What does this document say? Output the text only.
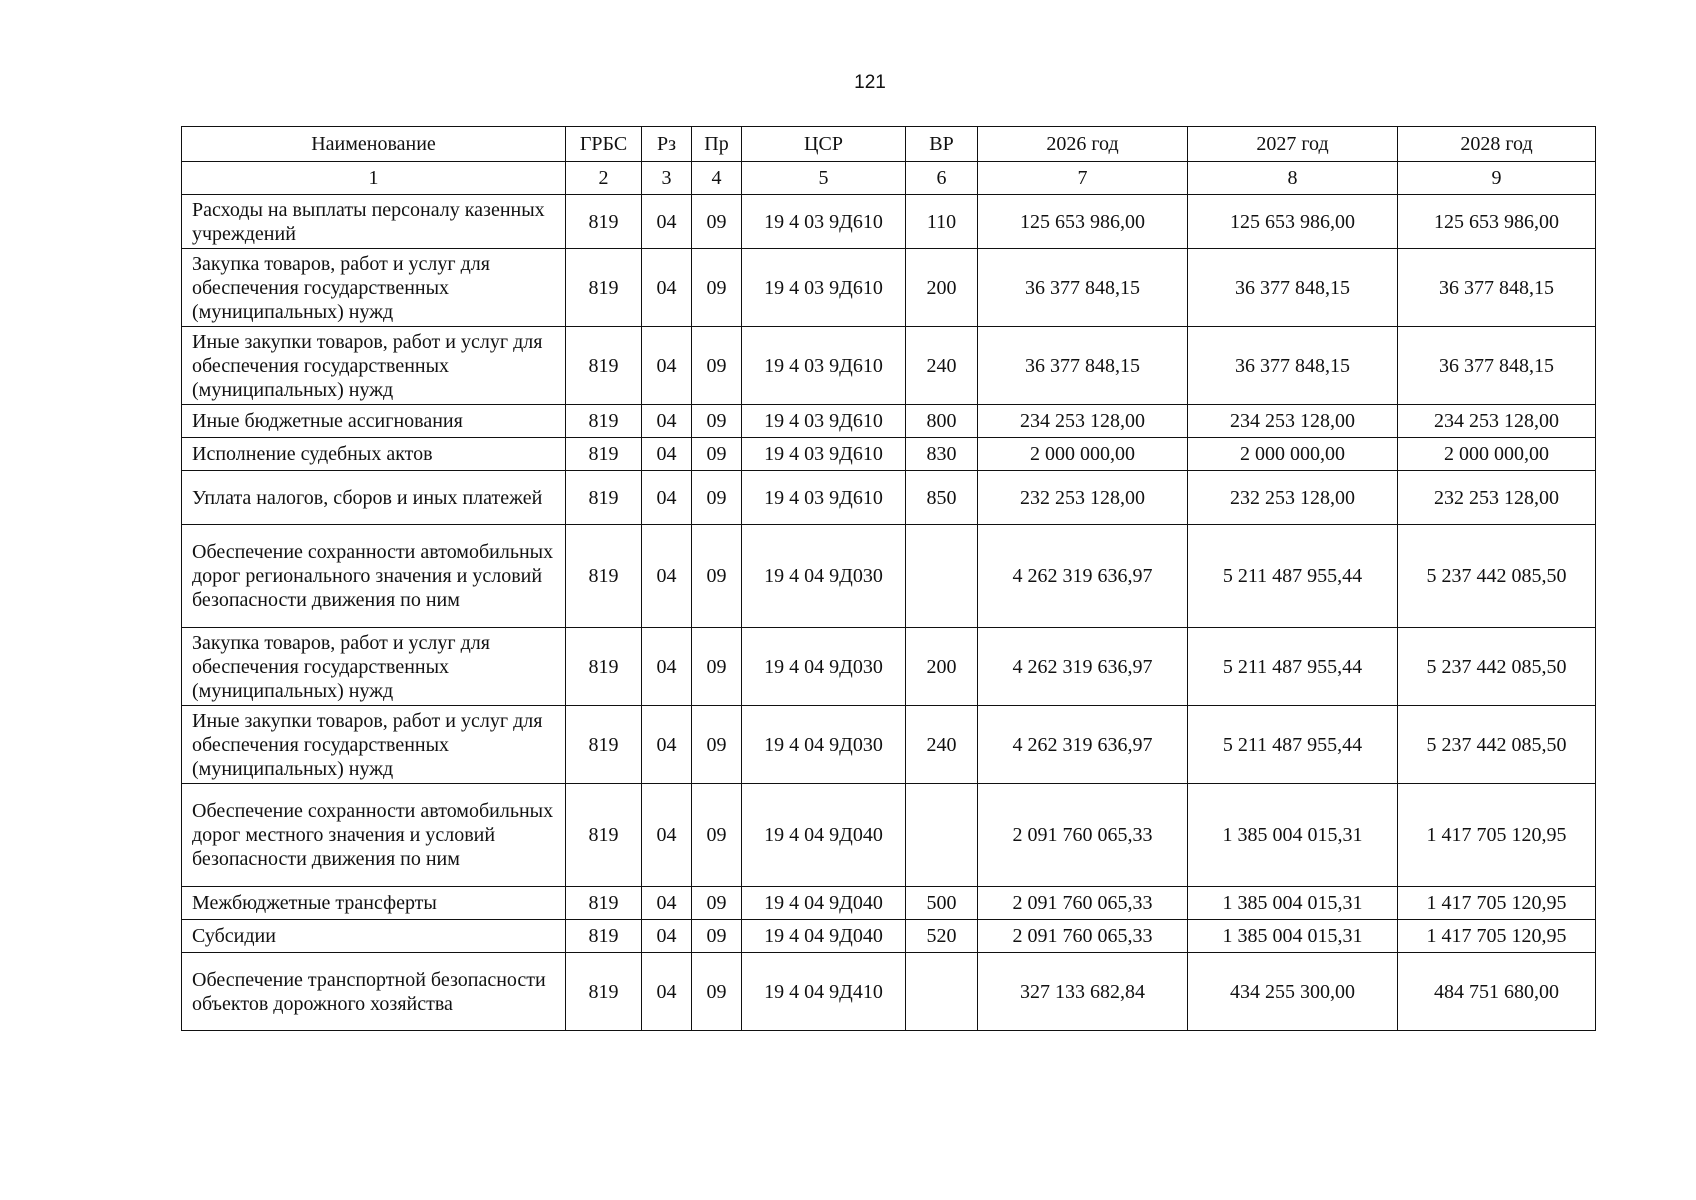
121
Наименование	ГРБС	Рз	Пр	ЦСР	ВР	2026 год	2027 год	2028 год
1	2	3	4	5	6	7	8	9
Расходы на выплаты персоналу казенных учреждений	819	04	09	19 4 03 9Д610	110	125 653 986,00	125 653 986,00	125 653 986,00
Закупка товаров, работ и услуг для обеспечения государственных (муниципальных) нужд	819	04	09	19 4 03 9Д610	200	36 377 848,15	36 377 848,15	36 377 848,15
Иные закупки товаров, работ и услуг для обеспечения государственных (муниципальных) нужд	819	04	09	19 4 03 9Д610	240	36 377 848,15	36 377 848,15	36 377 848,15
Иные бюджетные ассигнования	819	04	09	19 4 03 9Д610	800	234 253 128,00	234 253 128,00	234 253 128,00
Исполнение судебных актов	819	04	09	19 4 03 9Д610	830	2 000 000,00	2 000 000,00	2 000 000,00
Уплата налогов, сборов и иных платежей	819	04	09	19 4 03 9Д610	850	232 253 128,00	232 253 128,00	232 253 128,00
Обеспечение сохранности автомобильных дорог регионального значения и условий безопасности движения по ним	819	04	09	19 4 04 9Д030		4 262 319 636,97	5 211 487 955,44	5 237 442 085,50
Закупка товаров, работ и услуг для обеспечения государственных (муниципальных) нужд	819	04	09	19 4 04 9Д030	200	4 262 319 636,97	5 211 487 955,44	5 237 442 085,50
Иные закупки товаров, работ и услуг для обеспечения государственных (муниципальных) нужд	819	04	09	19 4 04 9Д030	240	4 262 319 636,97	5 211 487 955,44	5 237 442 085,50
Обеспечение сохранности автомобильных дорог местного значения и условий безопасности движения по ним	819	04	09	19 4 04 9Д040		2 091 760 065,33	1 385 004 015,31	1 417 705 120,95
Межбюджетные трансферты	819	04	09	19 4 04 9Д040	500	2 091 760 065,33	1 385 004 015,31	1 417 705 120,95
Субсидии	819	04	09	19 4 04 9Д040	520	2 091 760 065,33	1 385 004 015,31	1 417 705 120,95
Обеспечение транспортной безопасности объектов дорожного хозяйства	819	04	09	19 4 04 9Д410		327 133 682,84	434 255 300,00	484 751 680,00
